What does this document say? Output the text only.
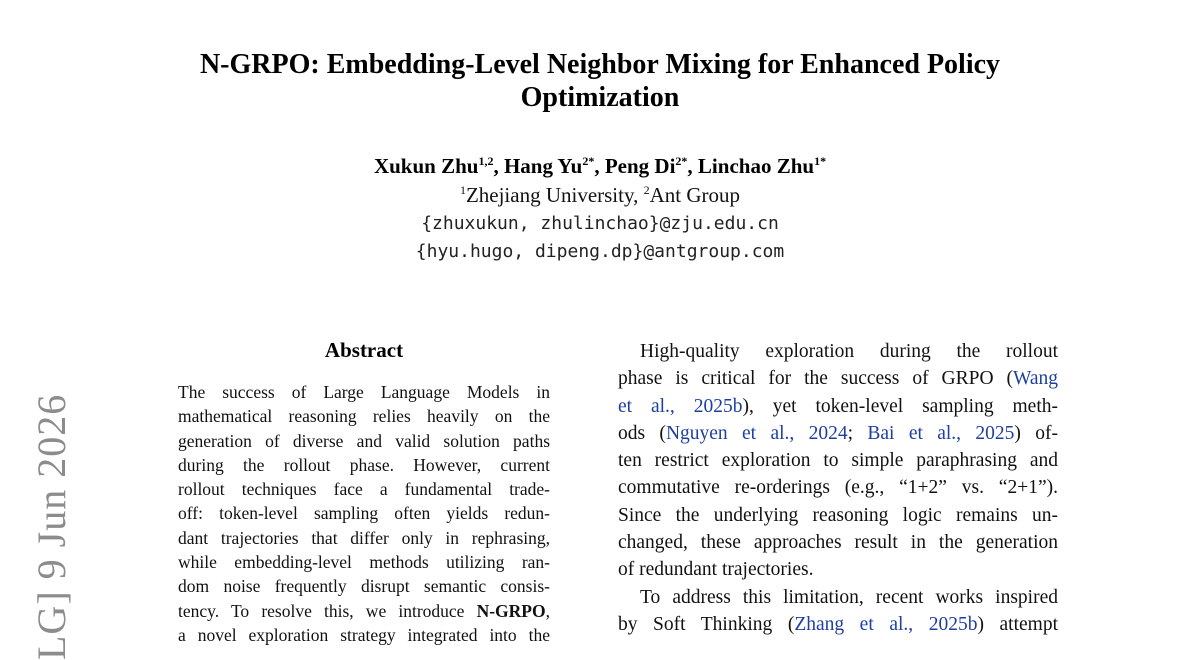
N-GRPO: Embedding-Level Neighbor Mixing for Enhanced Policy
Optimization
Xukun Zhu$^{1,2}$, Hang $Yu^{2*}$, Peng $Di^{2*}$, Linchao Zhu$^{1*}$
$^1$Zhejiang University, $^2$Ant Group
{zhuxukun, zhulinchao}@zju.edu.cn
{hyu.hugo, dipeng.dp}@antgroup.com
LG] 9 Jun 2026
Abstract
The success of Large Language Models in
mathematical reasoning relies heavily on the
generation of diverse and valid solution paths
during the rollout phase. However, current
rollout techniques face a fundamental trade-
off: token-level sampling often yields redun-
dant trajectories that differ only in rephrasing,
while embedding-level methods utilizing ran-
dom noise frequently disrupt semantic consis-
tency. To resolve this, we introduce N-GRPO,
a novel exploration strategy integrated into the
High-quality exploration during the rollout
phase is critical for the success of GRPO (Wang
et al., 2025b), yet token-level sampling meth-
ods (Nguyen et al., 2024; Bai et al., 2025) of-
ten restrict exploration to simple paraphrasing and
commutative re-orderings (e.g., “1+2” vs. “2+1”).
Since the underlying reasoning logic remains un-
changed, these approaches result in the generation
of redundant trajectories.
To address this limitation, recent works inspired
by Soft Thinking (Zhang et al., 2025b) attempt
